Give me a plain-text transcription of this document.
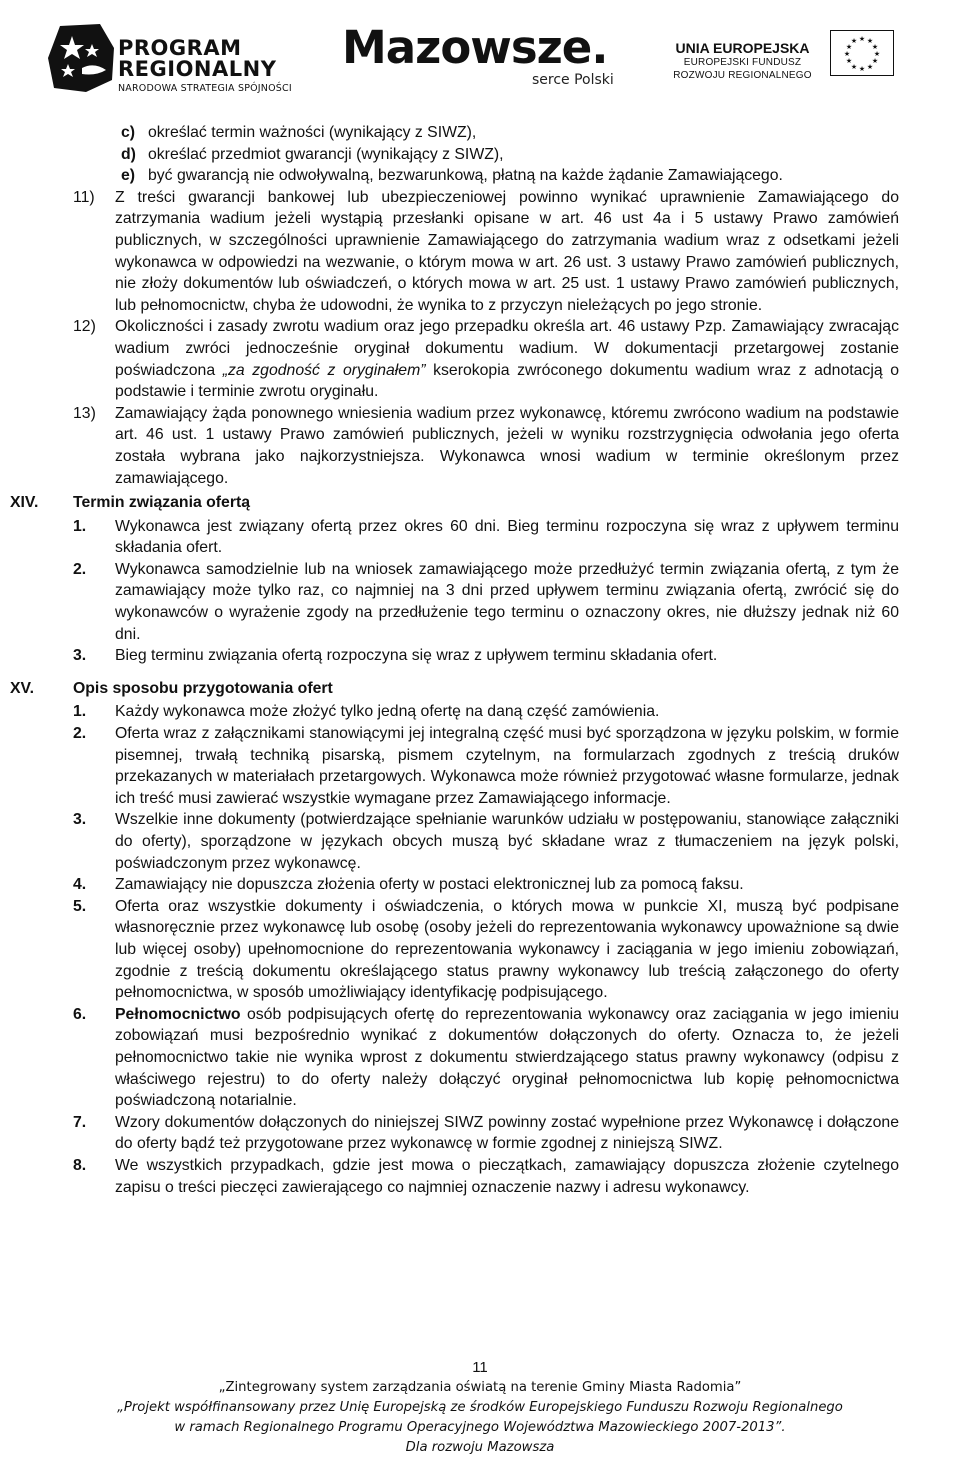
PROGRAM
REGIONALNY
NARODOWA STRATEGIA SPÓJNOŚCI
Mazowsze.
serce Polski
UNIA EUROPEJSKA
EUROPEJSKI FUNDUSZ
ROZWOJU REGIONALNEGO
★ ★
★
★
★
★
★
★
★
★
★
★
c) określać termin ważności (wynikający z SIWZ),
d) określać przedmiot gwarancji (wynikający z SIWZ),
e) być gwarancją nie odwoływalną, bezwarunkową, płatną na każde żądanie Zamawiającego.
11)	Z treści gwarancji bankowej lub ubezpieczeniowej powinno wynikać uprawnienie Zamawiającego do zatrzymania wadium jeżeli wystąpią przesłanki opisane w art. 46 ust 4a i 5 ustawy Prawo zamówień publicznych, w szczególności uprawnienie Zamawiającego do zatrzymania wadium wraz z odsetkami jeżeli wykonawca w odpowiedzi na wezwanie, o którym mowa w art. 26 ust. 3 ustawy Prawo zamówień publicznych, nie złoży dokumentów lub oświadczeń, o których mowa w art. 25 ust. 1 ustawy Prawo zamówień publicznych, lub pełnomocnictw, chyba że udowodni, że wynika to z przyczyn nieleżących po jego stronie.
12)	Okoliczności i zasady zwrotu wadium oraz jego przepadku określa art. 46 ustawy Pzp. Zamawiający zwracając wadium zwróci jednocześnie oryginał dokumentu wadium. W dokumentacji przetargowej zostanie poświadczona „za zgodność z oryginałem” kserokopia zwróconego dokumentu wadium wraz z adnotacją o podstawie i terminie zwrotu oryginału.
13)	Zamawiający żąda ponownego wniesienia wadium przez wykonawcę, któremu zwrócono wadium na podstawie art. 46 ust. 1 ustawy Prawo zamówień publicznych, jeżeli w wyniku rozstrzygnięcia odwołania jego oferta została wybrana jako najkorzystniejsza. Wykonawca wnosi wadium w terminie określonym przez zamawiającego.
XIV.	Termin związania ofertą
1.	Wykonawca jest związany ofertą przez okres 60 dni. Bieg terminu rozpoczyna się wraz z upływem terminu składania ofert.
2.	Wykonawca samodzielnie lub na wniosek zamawiającego może przedłużyć termin związania ofertą, z tym że zamawiający może tylko raz, co najmniej na 3 dni przed upływem terminu związania ofertą, zwrócić się do wykonawców o wyrażenie zgody na przedłużenie tego terminu o oznaczony okres, nie dłuższy jednak niż 60 dni.
3.	Bieg terminu związania ofertą rozpoczyna się wraz z upływem terminu składania ofert.
XV.	Opis sposobu przygotowania ofert
1.	Każdy wykonawca może złożyć tylko jedną ofertę na daną część zamówienia.
2.	Oferta wraz z załącznikami stanowiącymi jej integralną część musi być sporządzona w języku polskim, w formie pisemnej, trwałą techniką pisarską, pismem czytelnym, na formularzach zgodnych z treścią druków przekazanych w materiałach przetargowych. Wykonawca może również przygotować własne formularze, jednak ich treść musi zawierać wszystkie wymagane przez Zamawiającego informacje.
3.	Wszelkie inne dokumenty (potwierdzające spełnianie warunków udziału w postępowaniu, stanowiące załączniki do oferty), sporządzone w językach obcych muszą być składane wraz z tłumaczeniem na język polski, poświadczonym przez wykonawcę.
4.	Zamawiający nie dopuszcza złożenia oferty w postaci elektronicznej lub za pomocą faksu.
5.	Oferta oraz wszystkie dokumenty i oświadczenia, o których mowa w punkcie XI, muszą być podpisane własnoręcznie przez wykonawcę lub osobę (osoby jeżeli do reprezentowania wykonawcy upoważnione są dwie lub więcej osoby) upełnomocnione do reprezentowania wykonawcy i zaciągania w jego imieniu zobowiązań, zgodnie z treścią dokumentu określającego status prawny wykonawcy lub treścią załączonego do oferty pełnomocnictwa, w sposób umożliwiający identyfikację podpisującego.
6.	Pełnomocnictwo osób podpisujących ofertę do reprezentowania wykonawcy oraz zaciągania w jego imieniu zobowiązań musi bezpośrednio wynikać z dokumentów dołączonych do oferty. Oznacza to, że jeżeli pełnomocnictwo takie nie wynika wprost z dokumentu stwierdzającego status prawny wykonawcy (odpisu z właściwego rejestru) to do oferty należy dołączyć oryginał pełnomocnictwa lub kopię pełnomocnictwa poświadczoną notarialnie.
7.	Wzory dokumentów dołączonych do niniejszej SIWZ powinny zostać wypełnione przez Wykonawcę i dołączone do oferty bądź też przygotowane przez wykonawcę w formie zgodnej z niniejszą SIWZ.
8.	We wszystkich przypadkach, gdzie jest mowa o pieczątkach, zamawiający dopuszcza złożenie czytelnego zapisu o treści pieczęci zawierającego co najmniej oznaczenie nazwy i adresu wykonawcy.
11
„Zintegrowany system zarządzania oświatą na terenie Gminy Miasta Radomia”
„Projekt współfinansowany przez Unię Europejską ze środków Europejskiego Funduszu Rozwoju Regionalnego
w ramach Regionalnego Programu Operacyjnego Województwa Mazowieckiego 2007-2013”.
Dla rozwoju Mazowsza
